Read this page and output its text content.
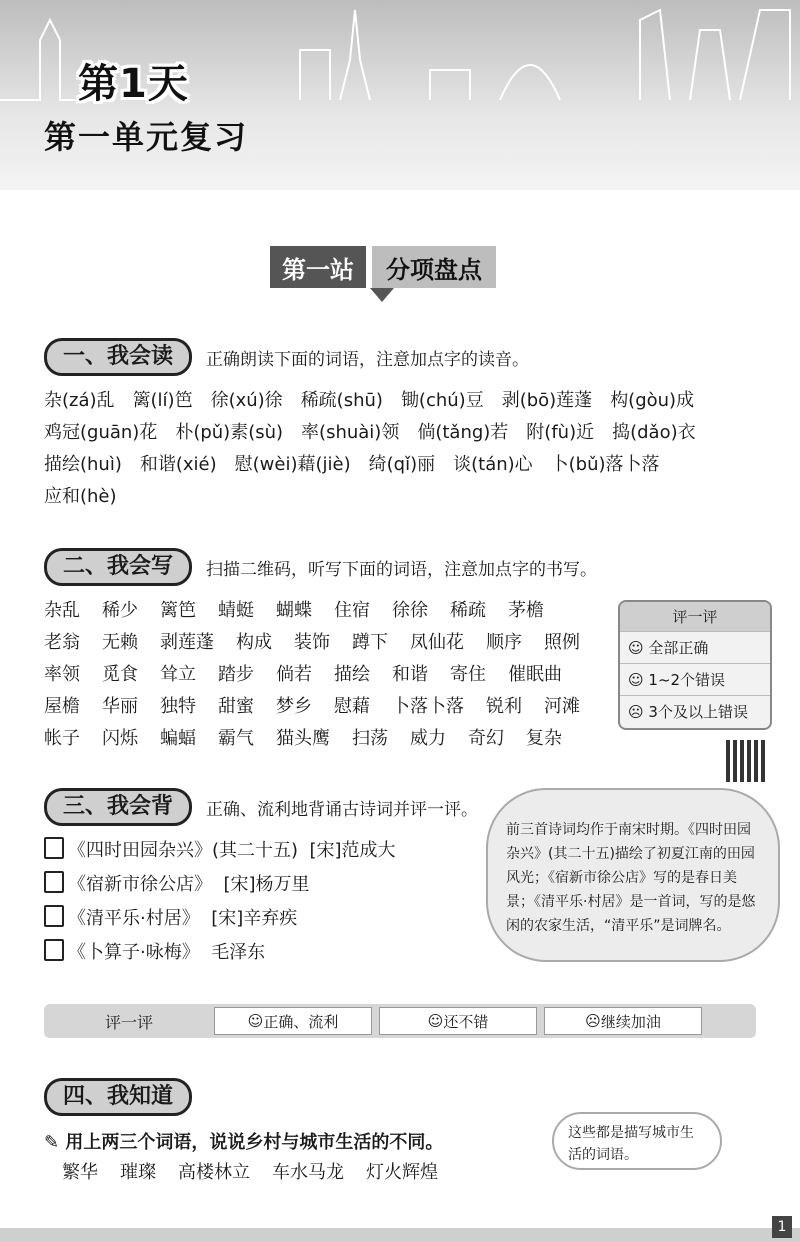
第1天
第一单元复习
第一站	分项盘点
一、我会读	正确朗读下面的词语，注意加点字的读音。
杂(zá)乱 篱(lí)笆 徐(xú)徐 稀疏(shū) 锄(chú)豆 剥(bō)莲蓬 构(gòu)成
鸡冠(guān)花 朴(pǔ)素(sù) 率(shuài)领 倘(tǎng)若 附(fù)近 捣(dǎo)衣
描绘(huì) 和谐(xié) 慰(wèi)藉(jiè) 绮(qǐ)丽 谈(tán)心 卜(bǔ)落卜落
应和(hè)
二、我会写	扫描二维码，听写下面的词语，注意加点字的书写。
杂乱 稀少 篱笆 蜻蜓 蝴蝶 住宿 徐徐 稀疏 茅檐
老翁 无赖 剥莲蓬 构成 装饰 蹲下 凤仙花 顺序 照例
率领 觅食 耸立 踏步 倘若 描绘 和谐 寄住 催眠曲
屋檐 华丽 独特 甜蜜 梦乡 慰藉 卜落卜落 锐利 河滩
帐子 闪烁 蝙蝠 霸气 猫头鹰 扫荡 威力 奇幻 复杂
评一评
☺ 全部正确
☺ 1~2个错误
☹ 3个及以上错误
三、我会背	正确、流利地背诵古诗词并评一评。
前三首诗词均作于南宋时期。《四时田园杂兴》(其二十五)描绘了初夏江南的田园风光；《宿新市徐公店》写的是春日美景；《清平乐·村居》是一首词，写的是悠闲的农家生活，“清平乐”是词牌名。
《四时田园杂兴》(其二十五) [宋]范成大
《宿新市徐公店》 [宋]杨万里
《清平乐·村居》 [宋]辛弃疾
《卜算子·咏梅》 毛泽东
评一评	☺ 正确、流利	☺ 还不错	☹ 继续加油
四、我知道
✎ 用上两三个词语，说说乡村与城市生活的不同。
繁华 璀璨 高楼林立 车水马龙 灯火辉煌
这些都是描写城市生活的词语。
1
